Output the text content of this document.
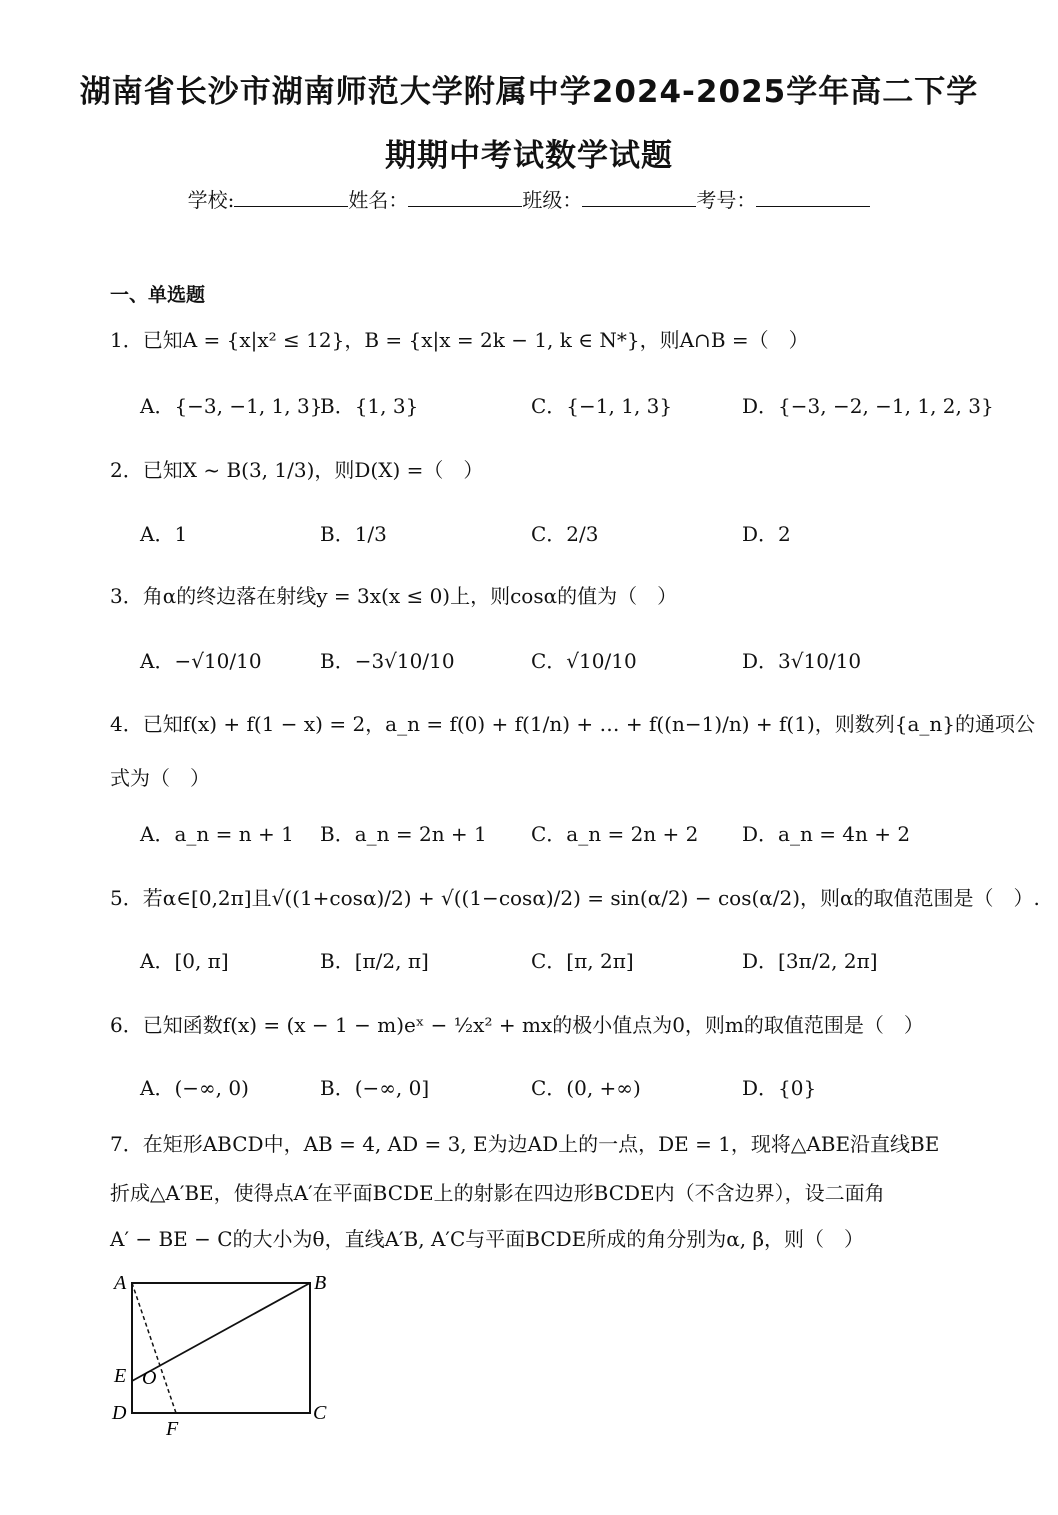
湖南省长沙市湖南师范大学附属中学2024-2025学年高二下学
期期中考试数学试题
学校:	姓名：	班级：	考号：
一、单选题
1．已知A = {x|x² ≤ 12}，B = {x|x = 2k − 1, k ∈ N*}，则A∩B =（　）
A．{−3, −1, 1, 3}
B．{1, 3}	C．{−1, 1, 3}	D．{−3, −2, −1, 1, 2, 3}
2．已知X ~ B(3, 1/3)，则D(X) =（　）
A．1	B．1/3	C．2/3	D．2
3．角α的终边落在射线y = 3x(x ≤ 0)上，则cosα的值为（　）
A．−√10/10	B．−3√10/10	C．√10/10	D．3√10/10
4．已知f(x) + f(1 − x) = 2，a_n = f(0) + f(1/n) + … + f((n−1)/n) + f(1)，则数列{a_n}的通项公
式为（　）
A．a_n = n + 1 B．a_n = 2n + 1 C．a_n = 2n + 2 D．a_n = 4n + 2
5．若α∈[0,2π]且√((1+cosα)/2) + √((1−cosα)/2) = sin(α/2) − cos(α/2)，则α的取值范围是（　）.
A．[0, π]	B．[π/2, π]	C．[π, 2π]	D．[3π/2, 2π]
6．已知函数f(x) = (x − 1 − m)eˣ − ½x² + mx的极小值点为0，则m的取值范围是（　）
A．(−∞, 0)	B．(−∞, 0]	C．(0, +∞)	D．{0}
7．在矩形ABCD中，AB = 4, AD = 3, E为边AD上的一点，DE = 1，现将△ABE沿直线BE
折成△A′BE，使得点A′在平面BCDE上的射影在四边形BCDE内（不含边界），设二面角
A′ − BE − C的大小为θ，直线A′B, A′C与平面BCDE所成的角分别为α, β，则（　）
A	B
C
D
E O
F
